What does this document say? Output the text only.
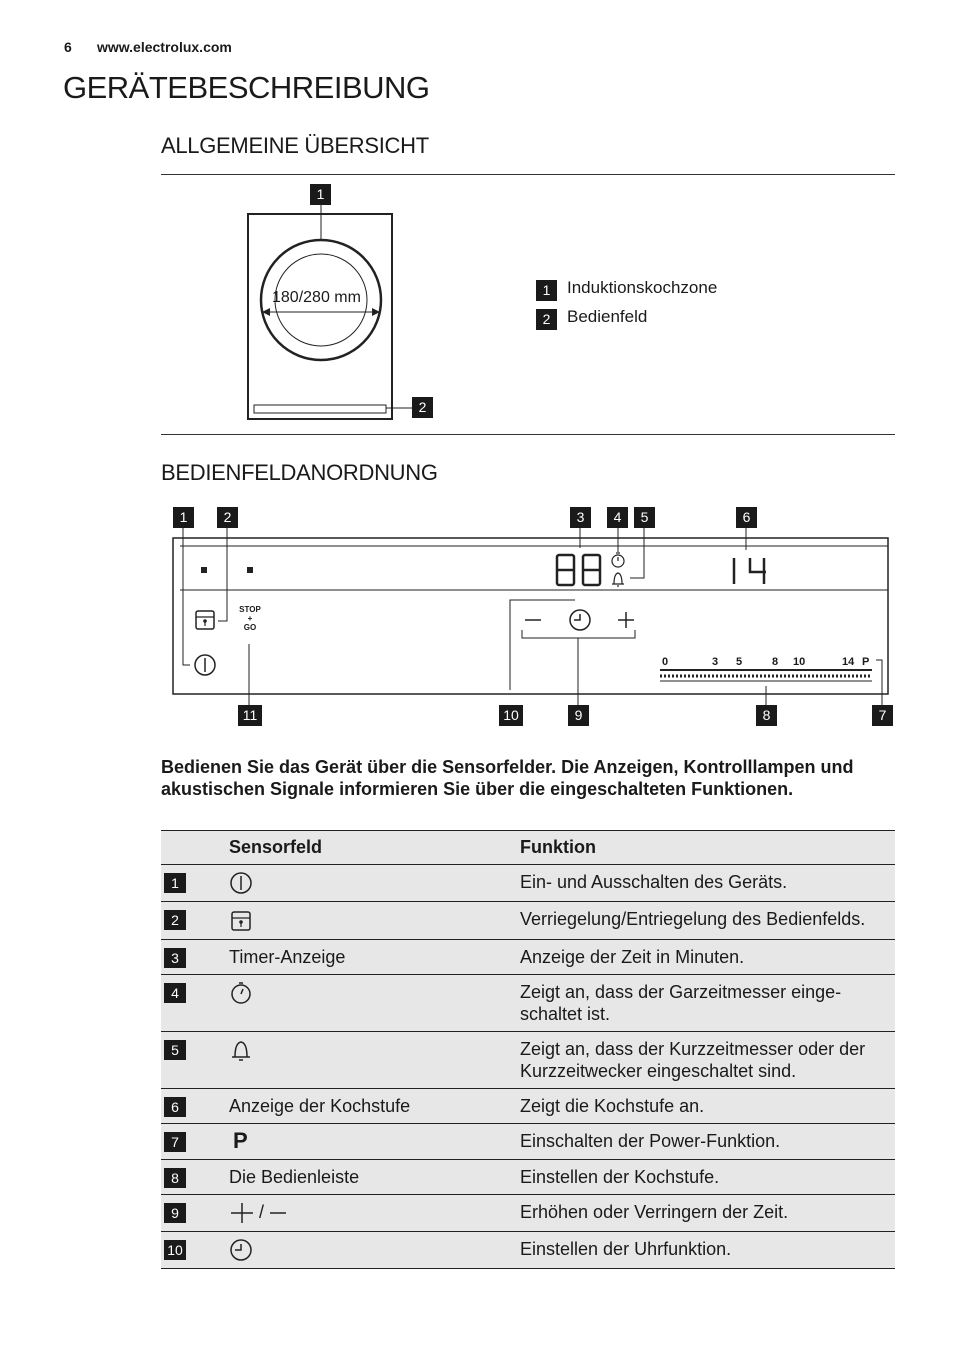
6 www.electrolux.com
GERÄTEBESCHREIBUNG
ALLGEMEINE ÜBERSICHT
180/280 mm
1
2
1 Induktionskochzone
2 Bedienfeld
BEDIENFELDANORDNUNG
STOP
+
GO
0	3 5	8 10	14 P
1	2	3	4	5	6
11	10	9	8	7
Bedienen Sie das Gerät über die Sensorfelder. Die Anzeigen, Kontrolllampen und akustischen Signale informieren Sie über die eingeschalteten Funktionen.
	Sensorfeld	Funktion
1		Ein- und Ausschalten des Geräts.
2		Verriegelung/Entriegelung des Bedienfelds.
3	Timer-Anzeige	Anzeige der Zeit in Minuten.
4		Zeigt an, dass der Garzeitmesser einge-schaltet ist.
5		Zeigt an, dass der Kurzzeitmesser oder der Kurzzeitwecker eingeschaltet sind.
6	Anzeige der Kochstufe	Zeigt die Kochstufe an.
7	P	Einschalten der Power-Funktion.
8	Die Bedienleiste	Einstellen der Kochstufe.
9	/	Erhöhen oder Verringern der Zeit.
10		Einstellen der Uhrfunktion.
